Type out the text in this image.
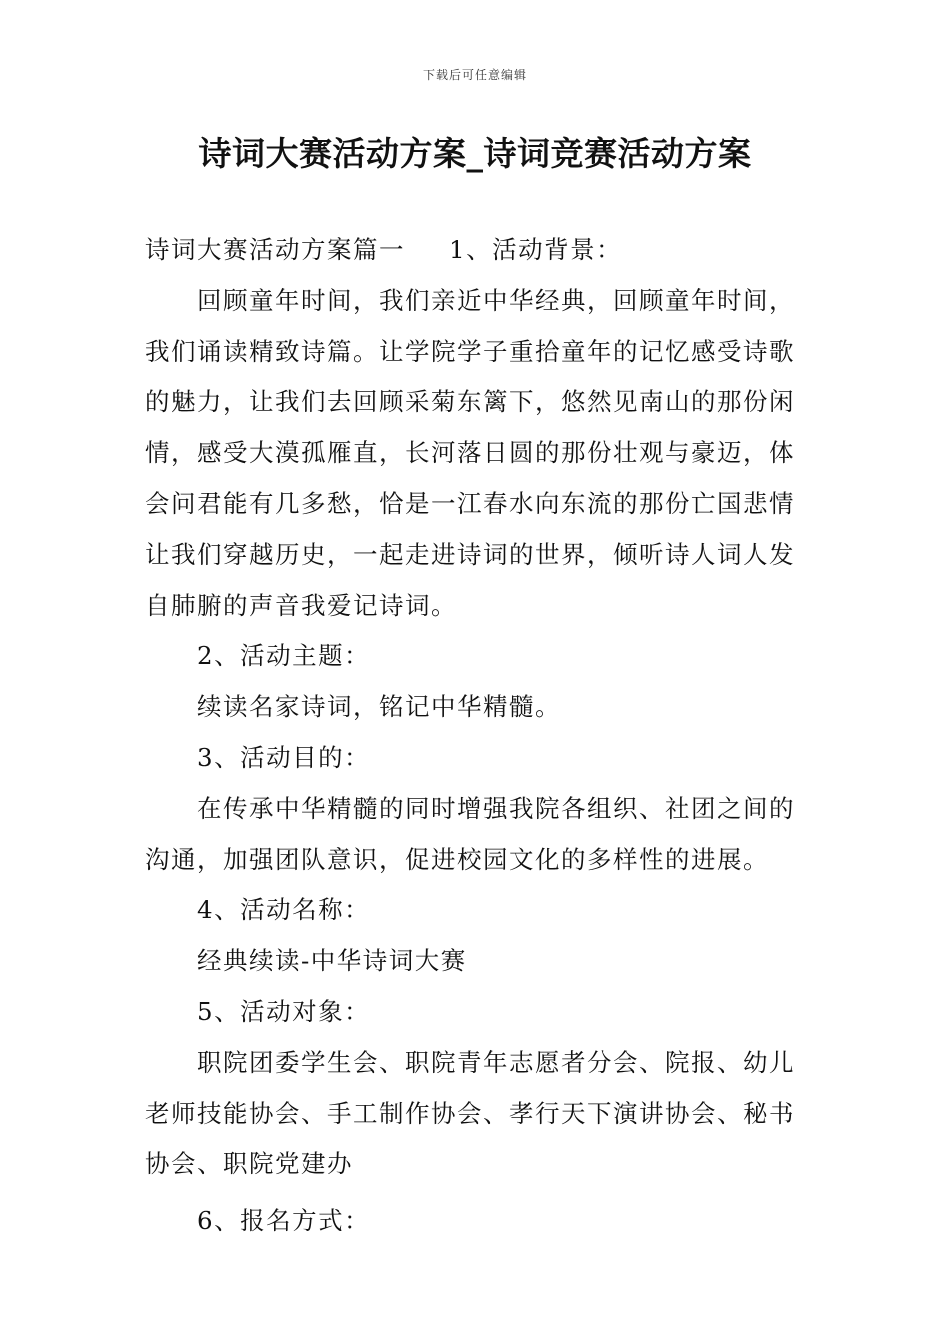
下载后可任意编辑
诗词大赛活动方案_诗词竞赛活动方案

诗词大赛活动方案篇一 1、活动背景：

回顾童年时间，我们亲近中华经典，回顾童年时间，我们诵读精致诗篇。让学院学子重拾童年的记忆感受诗歌的魅力，让我们去回顾采菊东篱下，悠然见南山的那份闲情，感受大漠孤雁直，长河落日圆的那份壮观与豪迈，体会问君能有几多愁，恰是一江春水向东流的那份亡国悲情让我们穿越历史，一起走进诗词的世界，倾听诗人词人发自肺腑的声音我爱记诗词。

2、活动主题：

续读名家诗词，铭记中华精髓。

3、活动目的：

在传承中华精髓的同时增强我院各组织、社团之间的沟通，加强团队意识，促进校园文化的多样性的进展。

4、活动名称：

经典续读-中华诗词大赛

5、活动对象：

职院团委学生会、职院青年志愿者分会、院报、幼儿老师技能协会、手工制作协会、孝行天下演讲协会、秘书协会、职院党建办

6、报名方式：
